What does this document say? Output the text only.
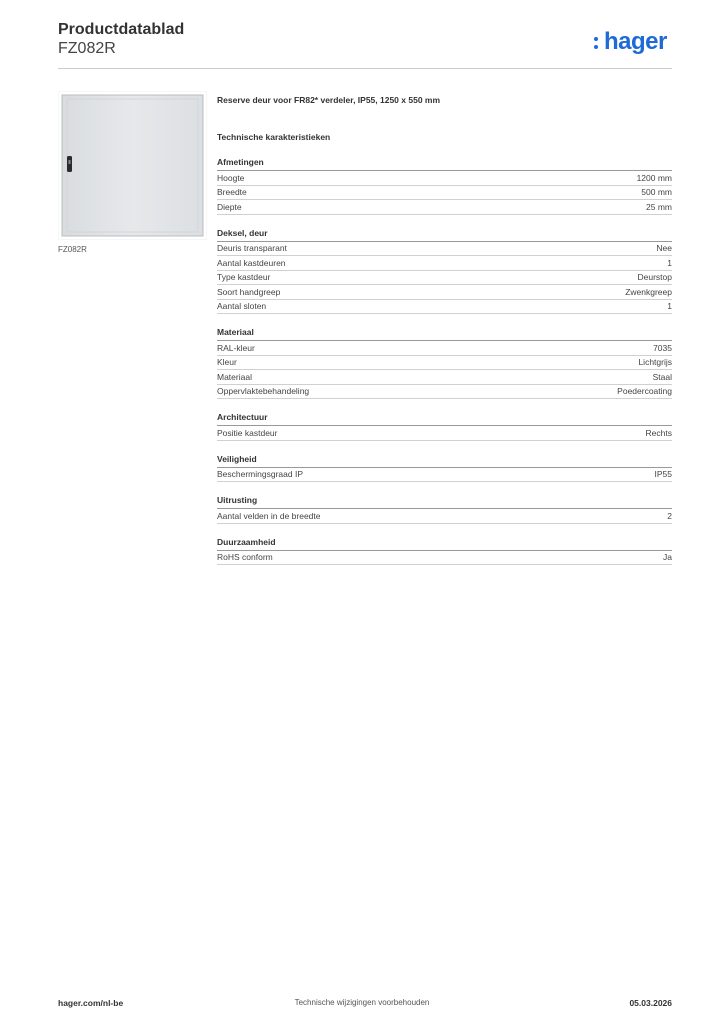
Productdatablad
FZ082R	hager
FZ082R
Reserve deur voor FR82* verdeler, IP55, 1250 x 550 mm
Technische karakteristieken
Afmetingen
Hoogte	1200 mm
Breedte	500 mm
Diepte	25 mm
Deksel, deur
Deuris transparant	Nee
Aantal kastdeuren	1
Type kastdeur	Deurstop
Soort handgreep	Zwenkgreep
Aantal sloten	1
Materiaal
RAL-kleur	7035
Kleur	Lichtgrijs
Materiaal	Staal
Oppervlaktebehandeling	Poedercoating
Architectuur
Positie kastdeur	Rechts
Veiligheid
Beschermingsgraad IP	IP55
Uitrusting
Aantal velden in de breedte	2
Duurzaamheid
RoHS conform	Ja
hager.com/nl-be	Technische wijzigingen voorbehouden	05.03.2026
